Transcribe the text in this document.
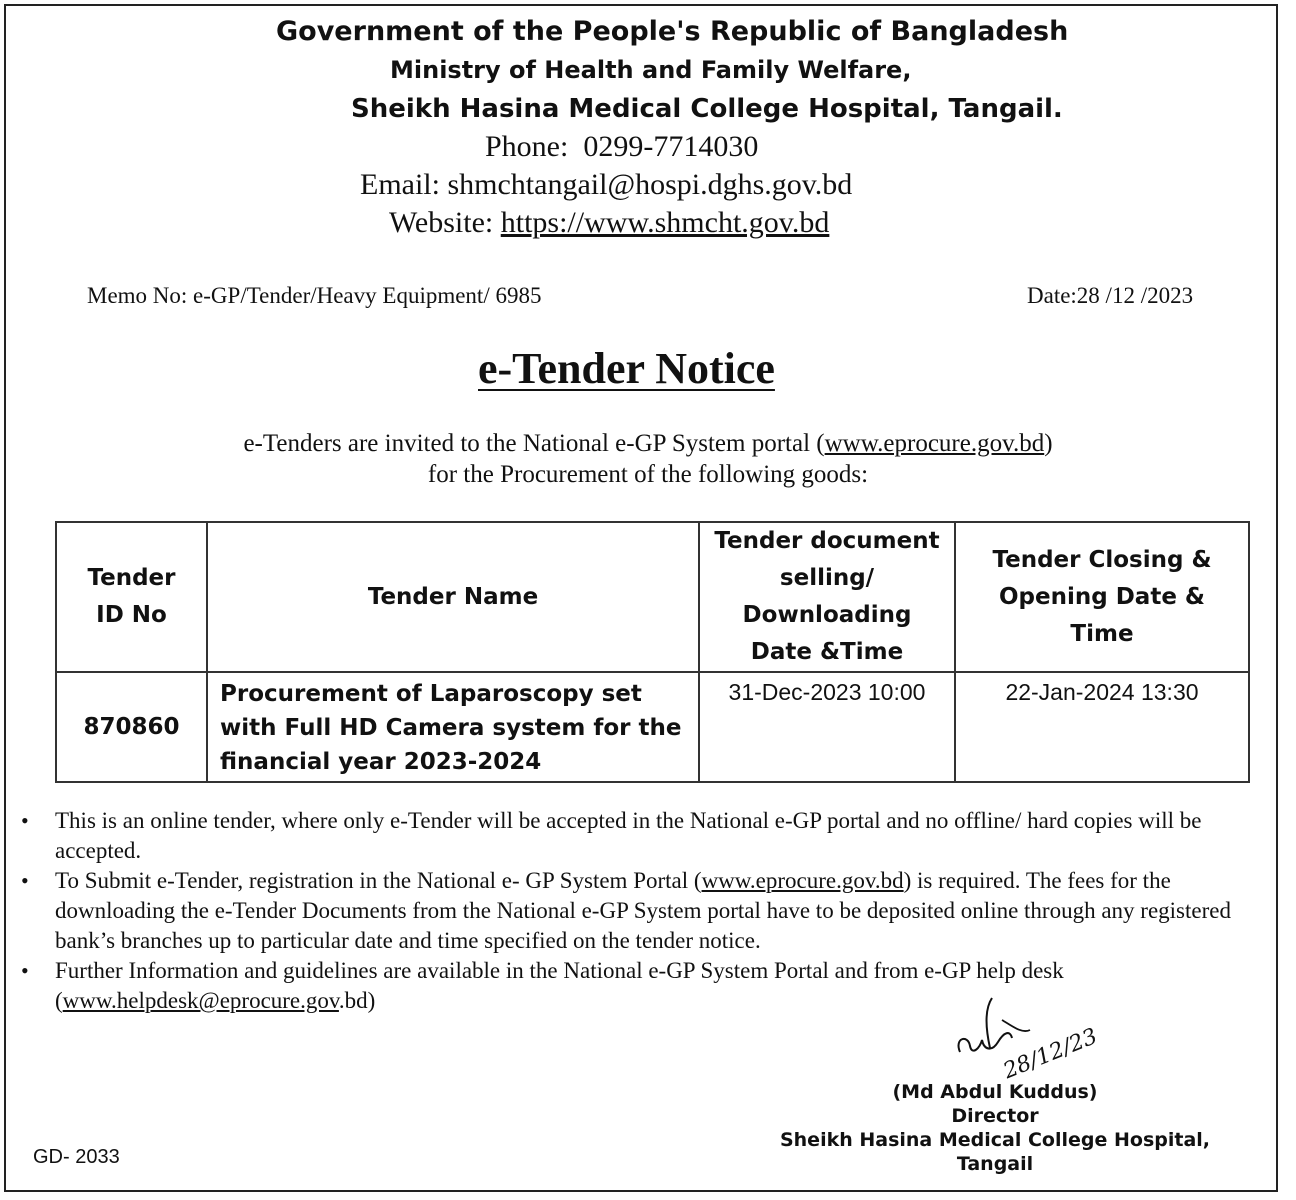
Government of the People's Republic of Bangladesh
Ministry of Health and Family Welfare,
Sheikh Hasina Medical College Hospital, Tangail.
Phone: 0299-7714030
Email: shmchtangail@hospi.dghs.gov.bd
Website: https://www.shmcht.gov.bd
Memo No: e-GP/Tender/Heavy Equipment/ 6985	Date:28 /12 /2023
e-Tender Notice
e-Tenders are invited to the National e-GP System portal (www.eprocure.gov.bd)
for the Procurement of the following goods:
Tender ID No	Tender Name	Tender document selling/ Downloading Date &Time	Tender Closing & Opening Date & Time

870860	Procurement of Laparoscopy set with Full HD Camera system for the financial year 2023-2024	31-Dec-2023 10:00	22-Jan-2024 13:30
• This is an online tender, where only e-Tender will be accepted in the National e-GP portal and no offline/ hard copies will be accepted.
• To Submit e-Tender, registration in the National e- GP System Portal (www.eprocure.gov.bd) is required. The fees for the downloading the e-Tender Documents from the National e-GP System portal have to be deposited online through any registered bank’s branches up to particular date and time specified on the tender notice.
• Further Information and guidelines are available in the National e-GP System Portal and from e-GP help desk (www.helpdesk@eprocure.gov.bd)
28/12/23
(Md Abdul Kuddus)
Director
Sheikh Hasina Medical College Hospital,
Tangail
GD- 2033
